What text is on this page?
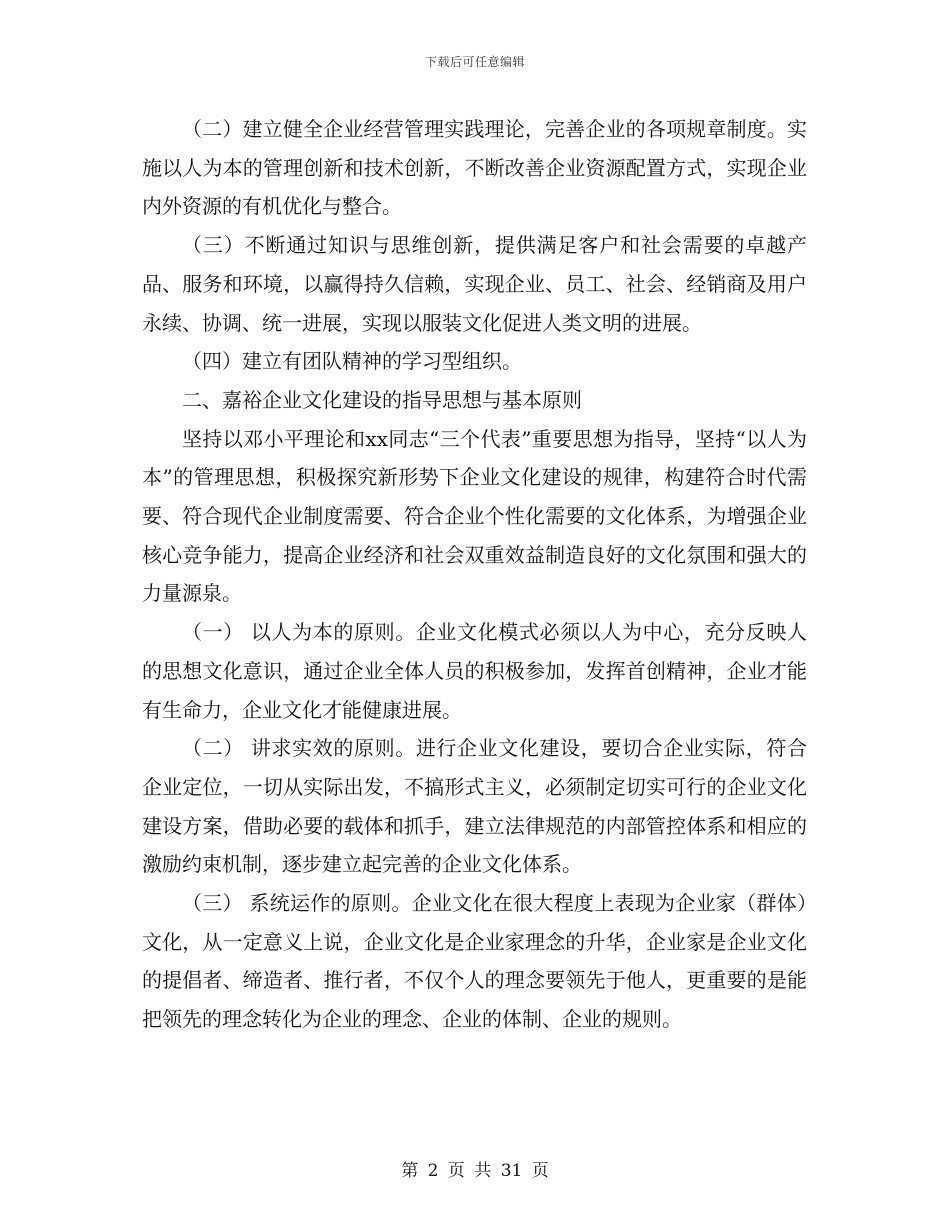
下载后可任意编辑

（二）建立健全企业经营管理实践理论，完善企业的各项规章制度。实施以人为本的管理创新和技术创新，不断改善企业资源配置方式，实现企业内外资源的有机优化与整合。

（三）不断通过知识与思维创新，提供满足客户和社会需要的卓越产品、服务和环境，以赢得持久信赖，实现企业、员工、社会、经销商及用户永续、协调、统一进展，实现以服装文化促进人类文明的进展。

（四）建立有团队精神的学习型组织。

二、嘉裕企业文化建设的指导思想与基本原则

坚持以邓小平理论和xx同志“三个代表”重要思想为指导，坚持“以人为本”的管理思想，积极探究新形势下企业文化建设的规律，构建符合时代需要、符合现代企业制度需要、符合企业个性化需要的文化体系，为增强企业核心竞争能力，提高企业经济和社会双重效益制造良好的文化氛围和强大的力量源泉。

（一） 以人为本的原则。企业文化模式必须以人为中心，充分反映人的思想文化意识，通过企业全体人员的积极参加，发挥首创精神，企业才能有生命力，企业文化才能健康进展。

（二） 讲求实效的原则。进行企业文化建设，要切合企业实际，符合企业定位，一切从实际出发，不搞形式主义，必须制定切实可行的企业文化建设方案，借助必要的载体和抓手，建立法律规范的内部管控体系和相应的激励约束机制，逐步建立起完善的企业文化体系。

（三） 系统运作的原则。企业文化在很大程度上表现为企业家（群体）文化，从一定意义上说，企业文化是企业家理念的升华，企业家是企业文化的提倡者、缔造者、推行者，不仅个人的理念要领先于他人，更重要的是能把领先的理念转化为企业的理念、企业的体制、企业的规则。

第 2 页 共 31 页
